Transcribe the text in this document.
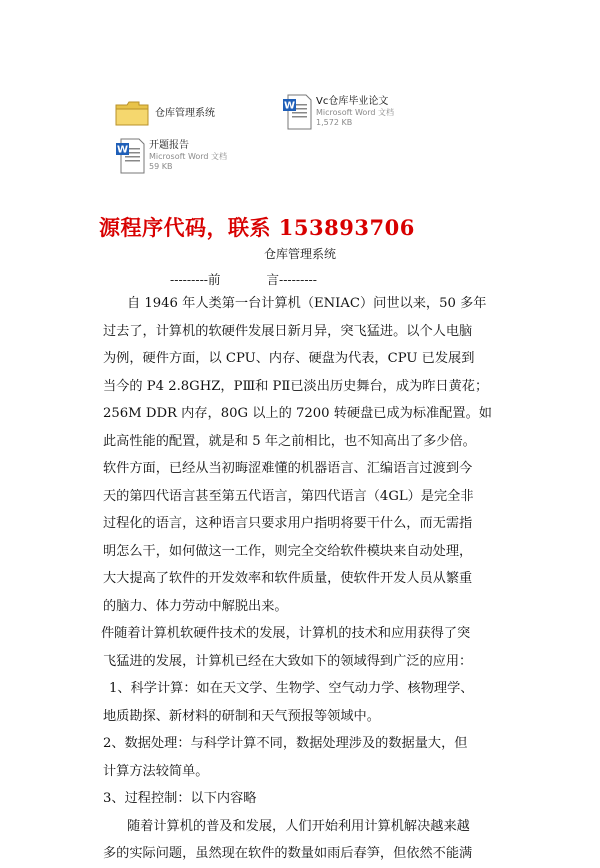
仓库管理系统
W Vc仓库毕业论文
Microsoft Word 文档
1,572 KB
W 开题报告
Microsoft Word 文档
59 KB
源程序代码，联系 153893706
仓库管理系统
---------前	言---------
自 1946 年人类第一台计算机（ENIAC）问世以来，50 多年
过去了，计算机的软硬件发展日新月异，突飞猛进。以个人电脑
为例，硬件方面，以 CPU、内存、硬盘为代表，CPU 已发展到
当今的 P4 2.8GHZ，PⅢ和 PⅡ已淡出历史舞台，成为昨日黄花；
256M DDR 内存，80G 以上的 7200 转硬盘已成为标准配置。如
此高性能的配置，就是和 5 年之前相比，也不知高出了多少倍。
软件方面，已经从当初晦涩难懂的机器语言、汇编语言过渡到今
天的第四代语言甚至第五代语言，第四代语言（4GL）是完全非
过程化的语言，这种语言只要求用户指明将要干什么，而无需指
明怎么干，如何做这一工作，则完全交给软件模块来自动处理，
大大提高了软件的开发效率和软件质量，使软件开发人员从繁重
的脑力、体力劳动中解脱出来。
件随着计算机软硬件技术的发展，计算机的技术和应用获得了突
飞猛进的发展，计算机已经在大致如下的领域得到广泛的应用：
1、科学计算：如在天文学、生物学、空气动力学、核物理学、
地质勘探、新材料的研制和天气预报等领域中。
2、数据处理：与科学计算不同，数据处理涉及的数据量大，但
计算方法较简单。
3、过程控制：以下内容略
随着计算机的普及和发展，人们开始利用计算机解决越来越
多的实际问题，虽然现在软件的数量如雨后春笋，但依然不能满
